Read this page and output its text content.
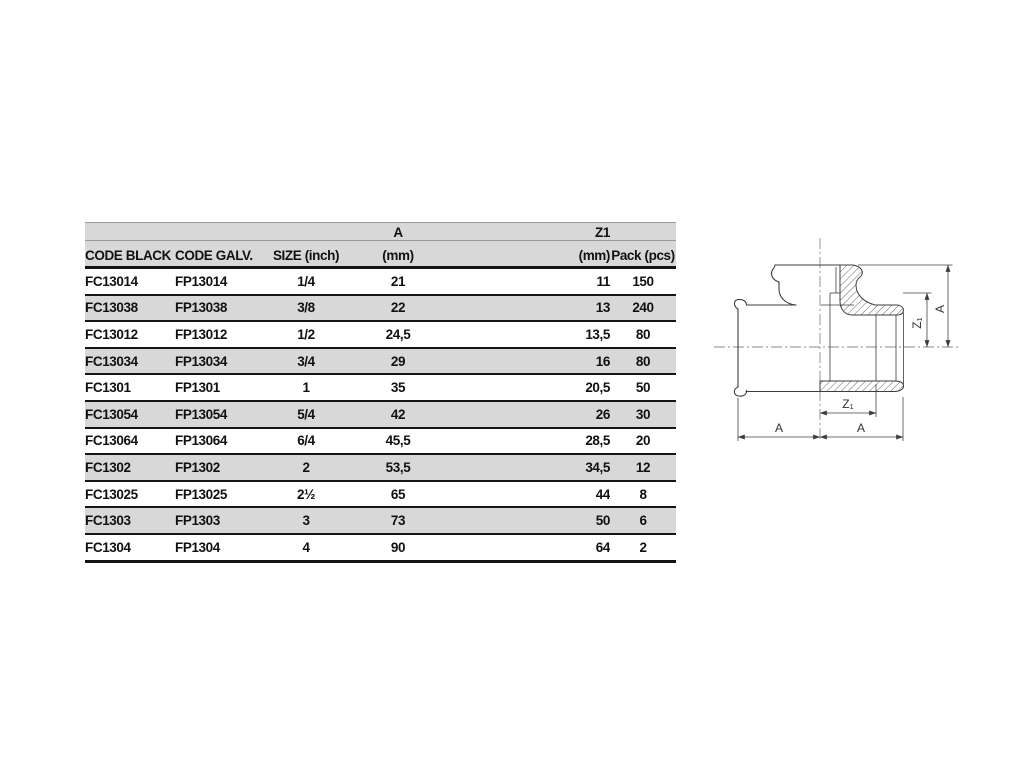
			A	Z1	
CODE BLACK	CODE GALV.	SIZE (inch)	(mm)	(mm)	Pack (pcs)
FC13014	FP13014	1/4	21	11	150
FC13038	FP13038	3/8	22	13	240
FC13012	FP13012	1/2	24,5	13,5	80
FC13034	FP13034	3/4	29	16	80
FC1301	FP1301	1	35	20,5	50
FC13054	FP13054	5/4	42	26	30
FC13064	FP13064	6/4	45,5	28,5	20
FC1302	FP1302	2	53,5	34,5	12
FC13025	FP13025	2½	65	44	8
FC1303	FP1303	3	73	50	6
FC1304	FP1304	4	90	64	2
A	A
Z₁
Z₁
A
